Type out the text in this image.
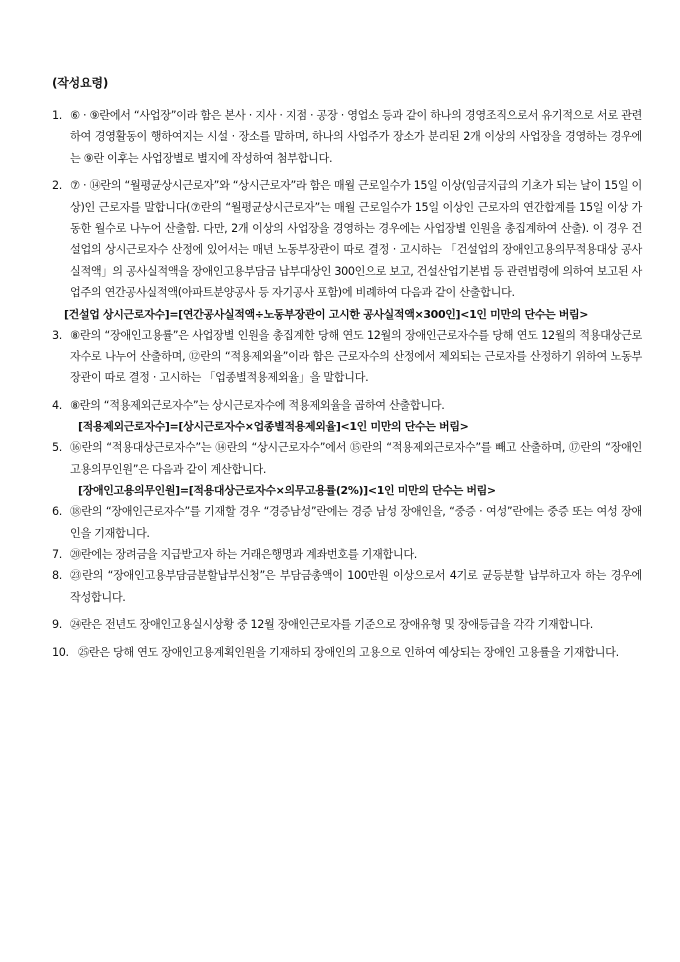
(작성요령)
1. ⑥ · ⑨란에서 “사업장”이라 함은 본사 · 지사 · 지점 · 공장 · 영업소 등과 같이 하나의 경영조직으로서 유기적으로 서로 관련하여 경영활동이 행하여지는 시설 · 장소를 말하며, 하나의 사업주가 장소가 분리된 2개 이상의 사업장을 경영하는 경우에는 ⑨란 이후는 사업장별로 별지에 작성하여 첨부합니다.
2. ⑦ · ⑭란의 “월평균상시근로자”와 “상시근로자”라 함은 매월 근로일수가 15일 이상(임금지급의 기초가 되는 날이 15일 이상)인 근로자를 말합니다(⑦란의 “월평균상시근로자”는 매월 근로일수가 15일 이상인 근로자의 연간합계를 15일 이상 가동한 월수로 나누어 산출함. 다만, 2개 이상의 사업장을 경영하는 경우에는 사업장별 인원을 총집계하여 산출). 이 경우 건설업의 상시근로자수 산정에 있어서는 매년 노동부장관이 따로 결정 · 고시하는 「건설업의 장애인고용의무적용대상 공사실적액」의 공사실적액을 장애인고용부담금 납부대상인 300인으로 보고, 건설산업기본법 등 관련법령에 의하여 보고된 사업주의 연간공사실적액(아파트분양공사 등 자기공사 포함)에 비례하여 다음과 같이 산출합니다.
[건설업 상시근로자수]=[연간공사실적액÷노동부장관이 고시한 공사실적액×300인]<1인 미만의 단수는 버림>
3. ⑧란의 “장애인고용률”은 사업장별 인원을 총집계한 당해 연도 12월의 장애인근로자수를 당해 연도 12월의 적용대상근로자수로 나누어 산출하며, ⑫란의 “적용제외율”이라 함은 근로자수의 산정에서 제외되는 근로자를 산정하기 위하여 노동부장관이 따로 결정 · 고시하는 「업종별적용제외율」을 말합니다.
4. ⑧란의 “적용제외근로자수”는 상시근로자수에 적용제외율을 곱하여 산출합니다.
[적용제외근로자수]=[상시근로자수×업종별적용제외율]<1인 미만의 단수는 버림>
5. ⑯란의 “적용대상근로자수”는 ⑭란의 “상시근로자수”에서 ⑮란의 “적용제외근로자수”를 빼고 산출하며, ⑰란의 “장애인고용의무인원”은 다음과 같이 계산합니다.
[장애인고용의무인원]=[적용대상근로자수×의무고용률(2%)]<1인 미만의 단수는 버림>
6. ⑱란의 “장애인근로자수”를 기재할 경우 “경증남성”란에는 경증 남성 장애인을, “중증 · 여성”란에는 중증 또는 여성 장애인을 기재합니다.
7. ⑳란에는 장려금을 지급받고자 하는 거래은행명과 계좌번호를 기재합니다.
8. ㉓란의 “장애인고용부담금분할납부신청”은 부담금총액이 100만원 이상으로서 4기로 균등분할 납부하고자 하는 경우에 작성합니다.
9. ㉔란은 전년도 장애인고용실시상황 중 12월 장애인근로자를 기준으로 장애유형 및 장애등급을 각각 기재합니다.
10. ㉕란은 당해 연도 장애인고용계획인원을 기재하되 장애인의 고용으로 인하여 예상되는 장애인 고용률을 기재합니다.
